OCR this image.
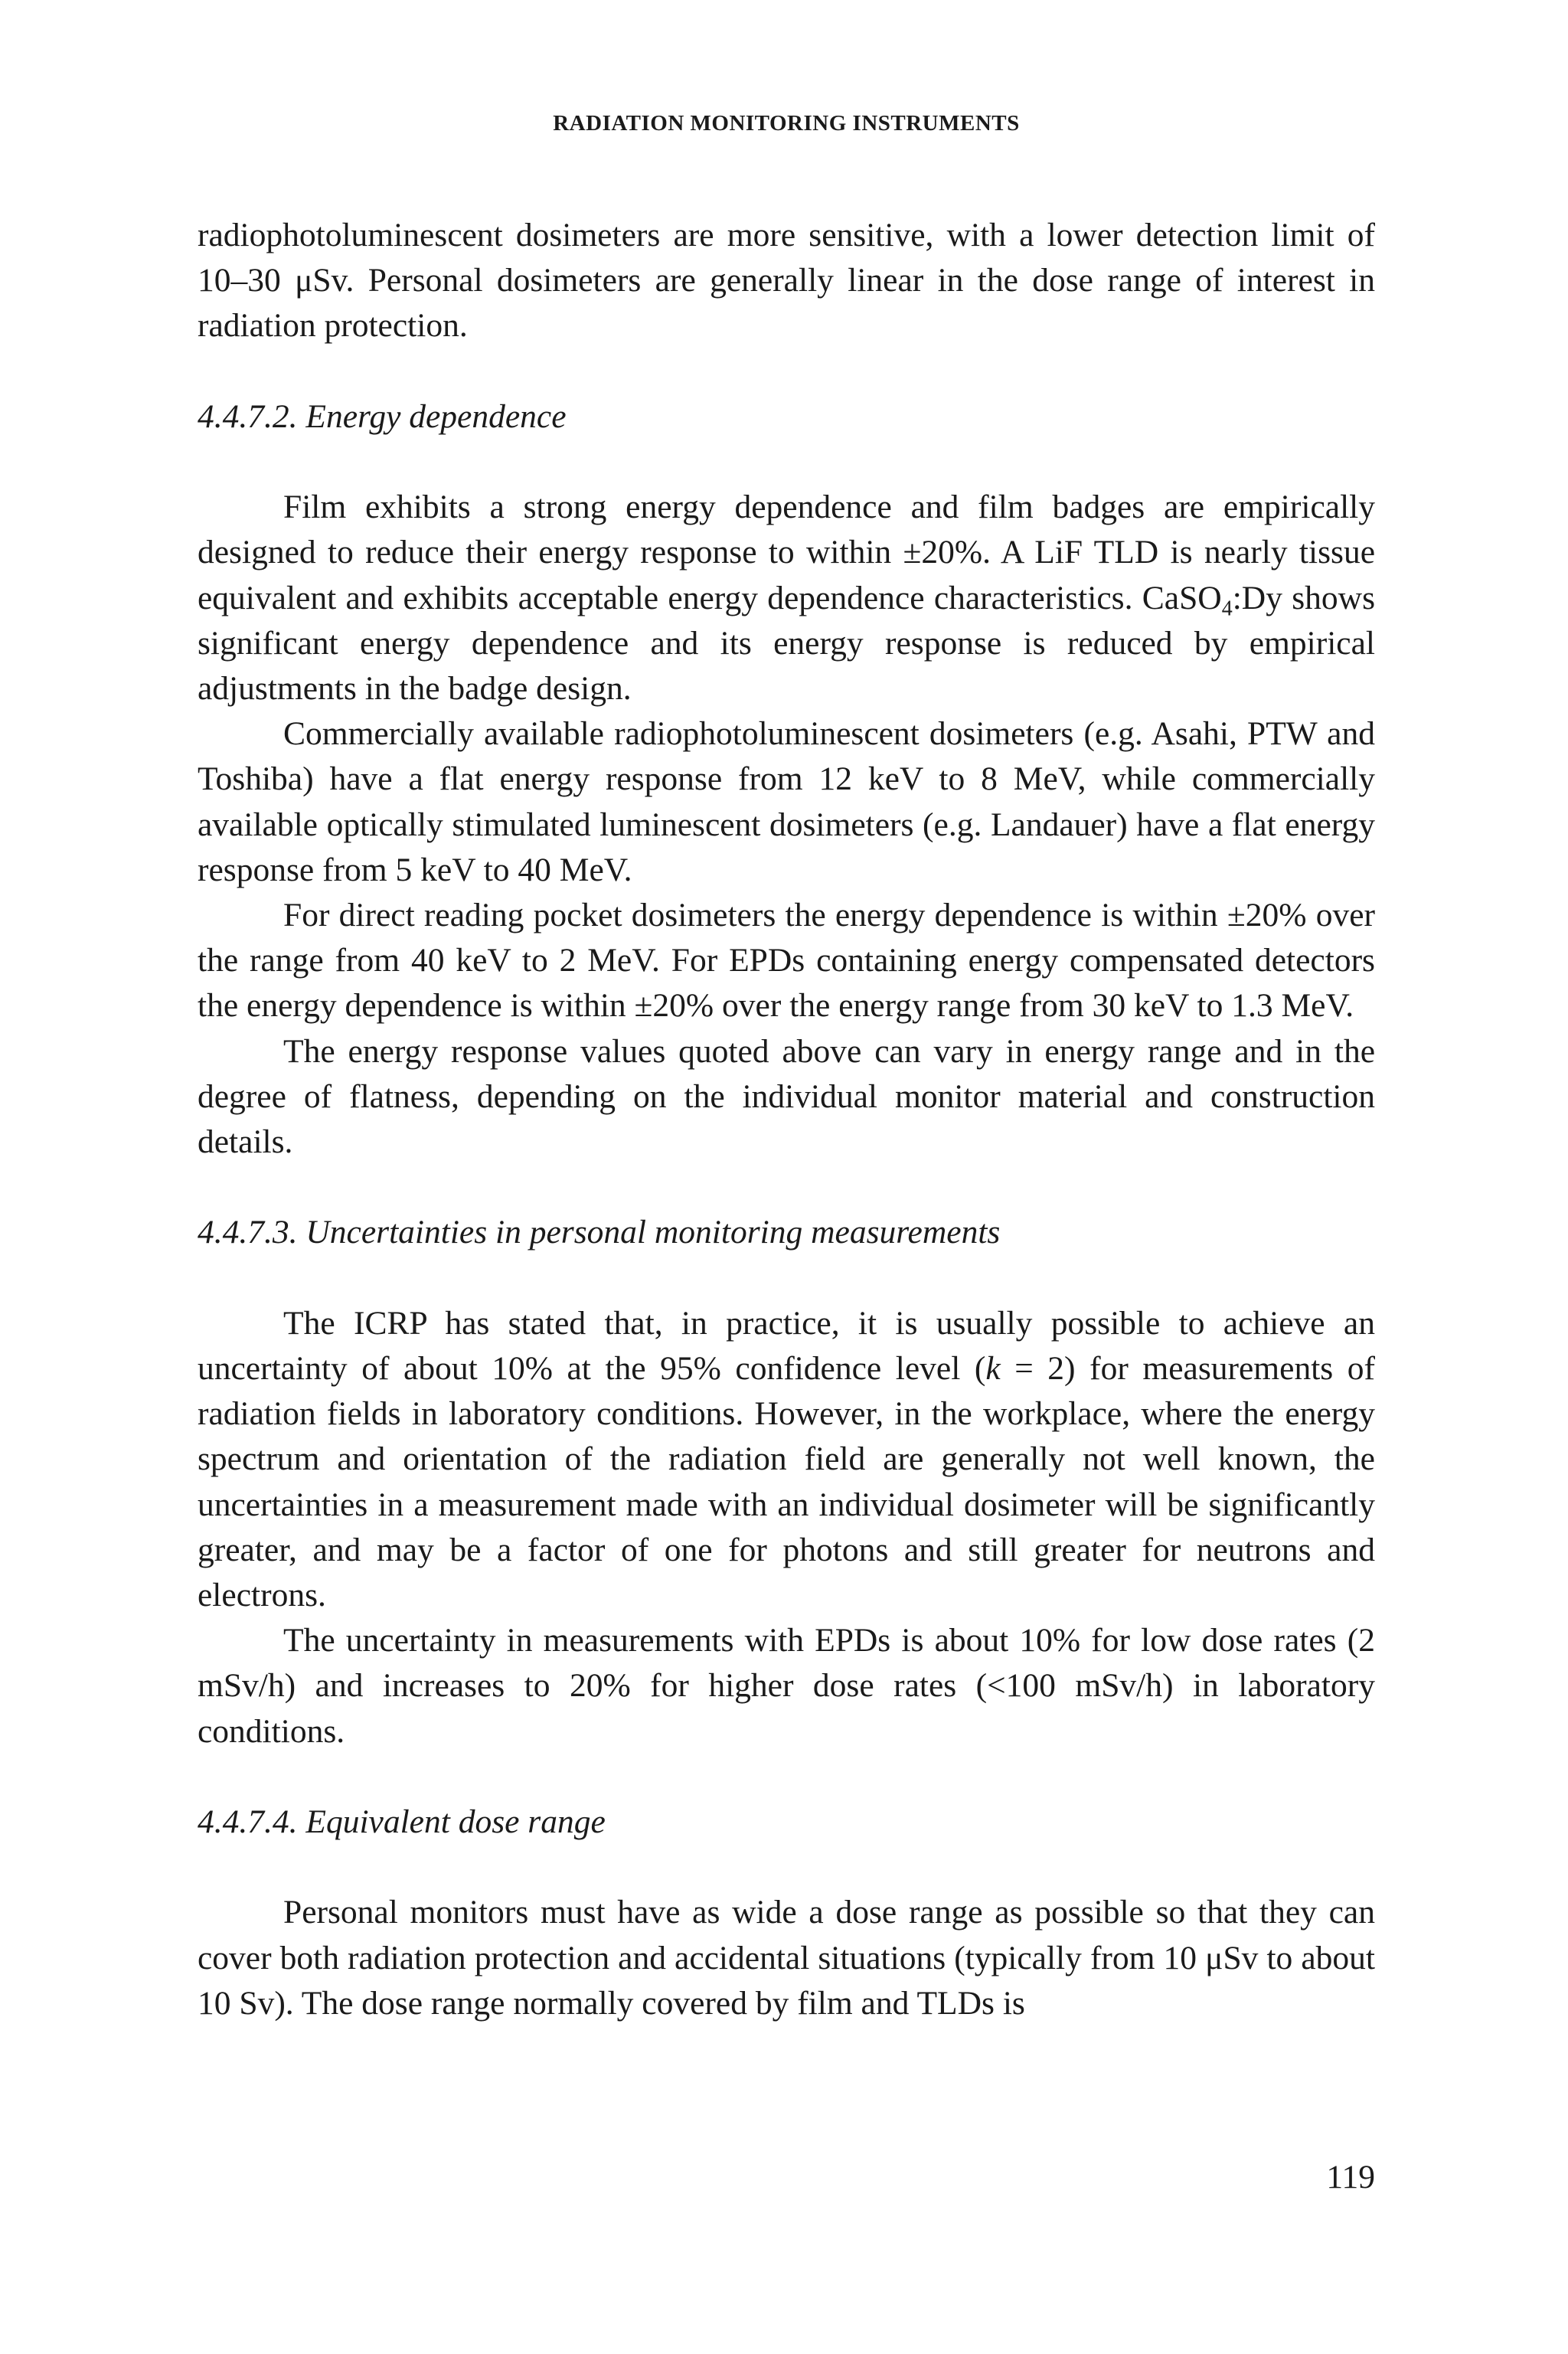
RADIATION MONITORING INSTRUMENTS

radiophotoluminescent dosimeters are more sensitive, with a lower detection limit of 10–30 μSv. Personal dosimeters are generally linear in the dose range of interest in radiation protection.

4.4.7.2. Energy dependence

Film exhibits a strong energy dependence and film badges are empirically designed to reduce their energy response to within ±20%. A LiF TLD is nearly tissue equivalent and exhibits acceptable energy dependence characteristics. CaSO$_4$:Dy shows significant energy dependence and its energy response is reduced by empirical adjustments in the badge design.

Commercially available radiophotoluminescent dosimeters (e.g. Asahi, PTW and Toshiba) have a flat energy response from 12 keV to 8 MeV, while commercially available optically stimulated luminescent dosimeters (e.g. Landauer) have a flat energy response from 5 keV to 40 MeV.

For direct reading pocket dosimeters the energy dependence is within ±20% over the range from 40 keV to 2 MeV. For EPDs containing energy compensated detectors the energy dependence is within ±20% over the energy range from 30 keV to 1.3 MeV.

The energy response values quoted above can vary in energy range and in the degree of flatness, depending on the individual monitor material and construction details.

4.4.7.3. Uncertainties in personal monitoring measurements

The ICRP has stated that, in practice, it is usually possible to achieve an uncertainty of about 10% at the 95% confidence level (k = 2) for measurements of radiation fields in laboratory conditions. However, in the workplace, where the energy spectrum and orientation of the radiation field are generally not well known, the uncertainties in a measurement made with an individual dosimeter will be significantly greater, and may be a factor of one for photons and still greater for neutrons and electrons.

The uncertainty in measurements with EPDs is about 10% for low dose rates (2 mSv/h) and increases to 20% for higher dose rates (<100 mSv/h) in laboratory conditions.

4.4.7.4. Equivalent dose range

Personal monitors must have as wide a dose range as possible so that they can cover both radiation protection and accidental situations (typically from 10 μSv to about 10 Sv). The dose range normally covered by film and TLDs is

119
